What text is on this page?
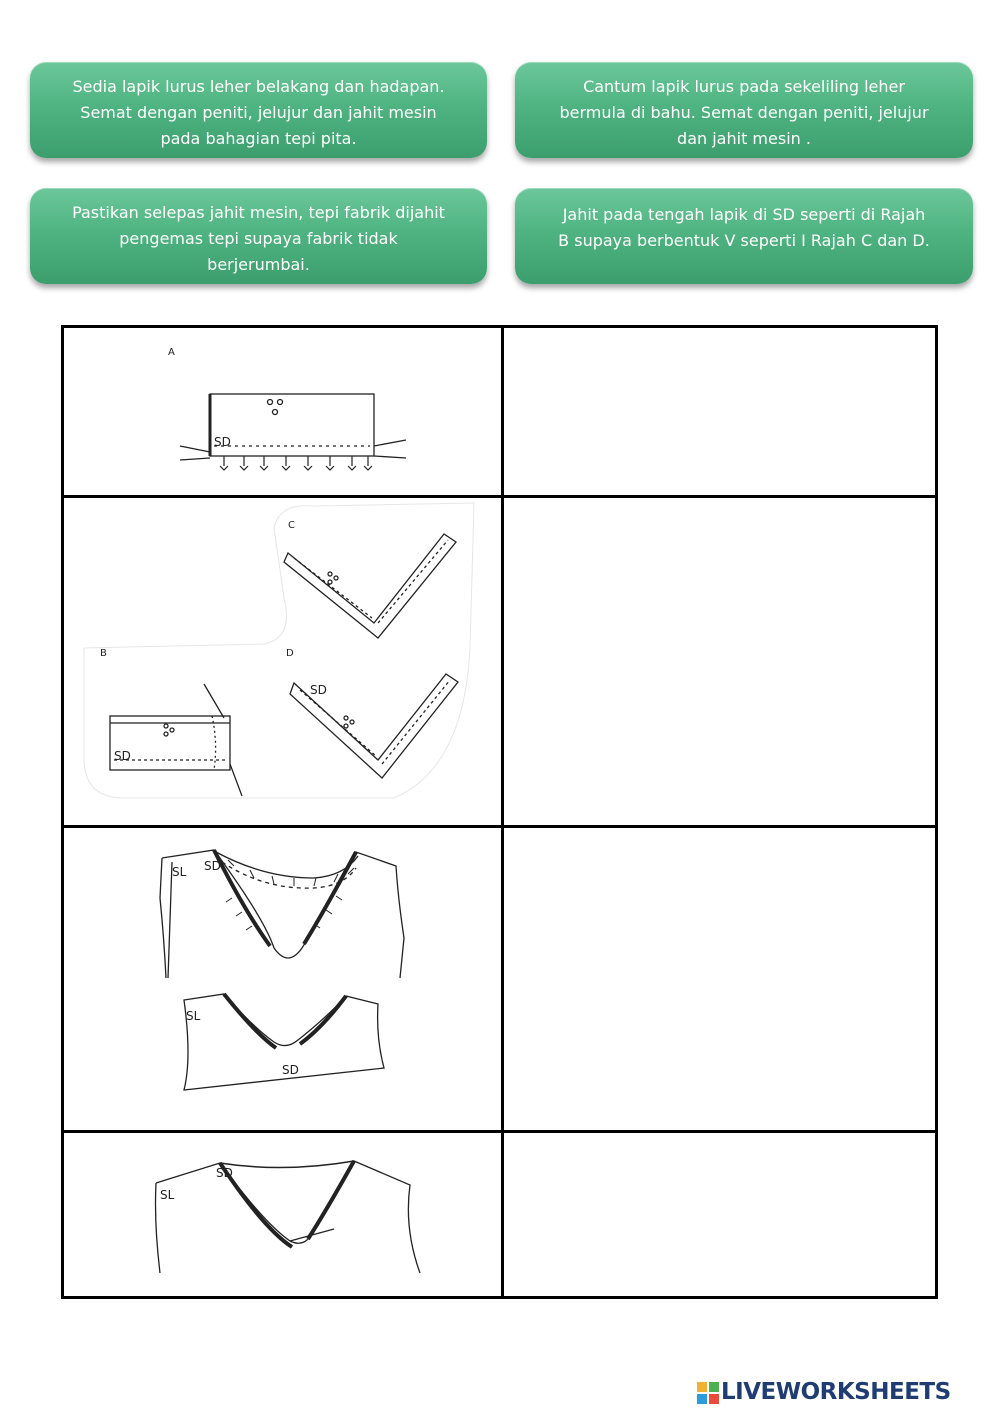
Sedia lapik lurus leher belakang dan hadapan.
Semat dengan peniti, jelujur dan jahit mesin
pada bahagian tepi pita.
Cantum lapik lurus pada sekeliling leher
bermula di bahu. Semat dengan peniti, jelujur
dan jahit mesin .
Pastikan selepas jahit mesin, tepi fabrik dijahit
pengemas tepi supaya fabrik tidak
berjerumbai.
Jahit pada tengah lapik di SD seperti di Rajah
B supaya berbentuk V seperti I Rajah C dan D.
A
SD
C
B	D
SD
SD
SL SD
SL
SD
SL
SD
LIVEWORKSHEETS
